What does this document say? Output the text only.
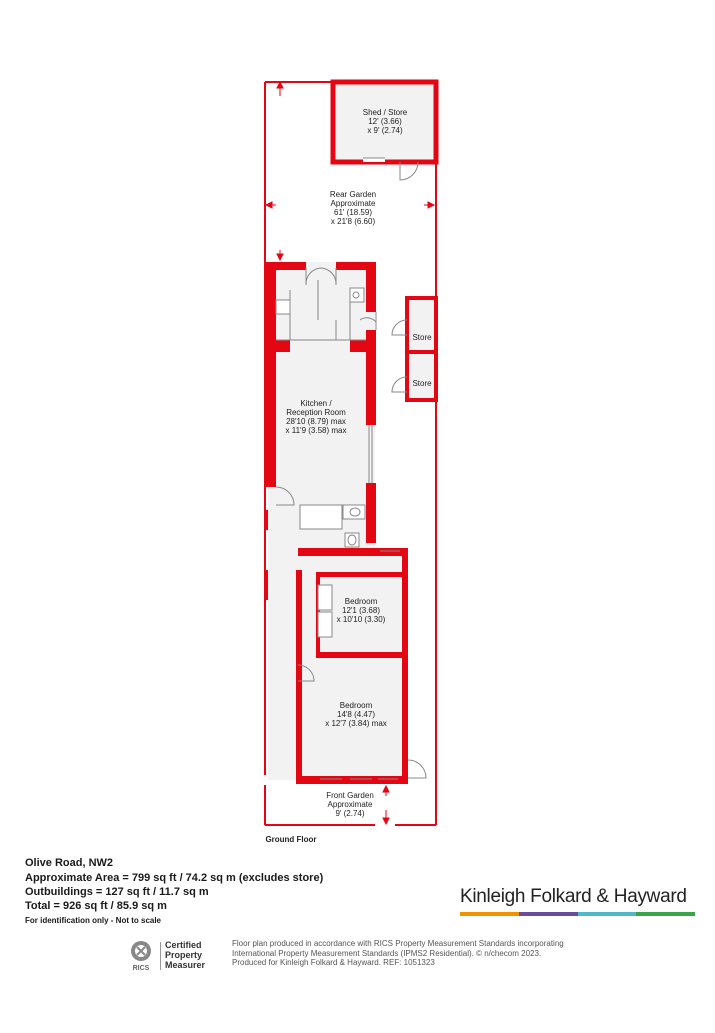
Shed / Store
12' (3.66)
x 9' (2.74)
Rear Garden
Approximate
61' (18.59)
x 21'8 (6.60)
Store
Store
Kitchen /
Reception Room
28'10 (8.79) max
x 11'9 (3.58) max
Bedroom
12'1 (3.68)
x 10'10 (3.30)
Bedroom
14'8 (4.47)
x 12'7 (3.84) max
Front Garden
Approximate
9' (2.74)
Ground Floor
Olive Road, NW2
Approximate Area = 799 sq ft / 74.2 sq m (excludes store)
Outbuildings = 127 sq ft / 11.7 sq m
Total = 926 sq ft / 85.9 sq m
For identification only - Not to scale
Kinleigh Folkard & Hayward
RICS
Certified
Property
Measurer
Floor plan produced in accordance with RICS Property Measurement Standards incorporating
International Property Measurement Standards (IPMS2 Residential). © n/checom 2023.
Produced for Kinleigh Folkard & Hayward. REF: 1051323
